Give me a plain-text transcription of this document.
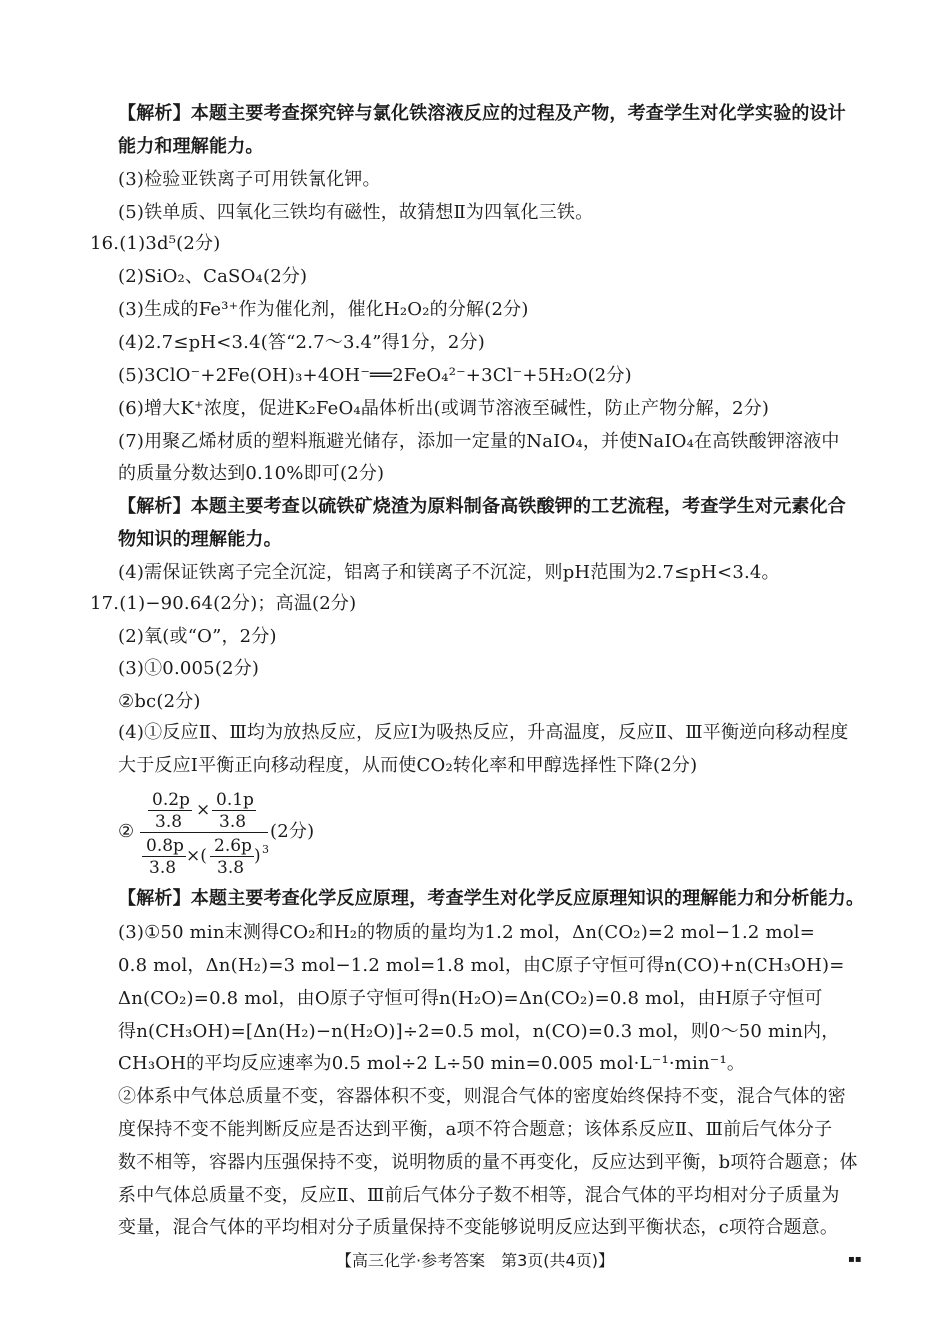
【解析】本题主要考查探究锌与氯化铁溶液反应的过程及产物，考查学生对化学实验的设计
能力和理解能力。
(3)检验亚铁离子可用铁氰化钾。
(5)铁单质、四氧化三铁均有磁性，故猜想Ⅱ为四氧化三铁。
16.(1)3d⁵(2分)
(2)SiO₂、CaSO₄(2分)
(3)生成的Fe³⁺作为催化剂，催化H₂O₂的分解(2分)
(4)2.7≤pH<3.4(答“2.7～3.4”得1分，2分)
(5)3ClO⁻+2Fe(OH)₃+4OH⁻══2FeO₄²⁻+3Cl⁻+5H₂O(2分)
(6)增大K⁺浓度，促进K₂FeO₄晶体析出(或调节溶液至碱性，防止产物分解，2分)
(7)用聚乙烯材质的塑料瓶避光储存，添加一定量的NaIO₄，并使NaIO₄在高铁酸钾溶液中
的质量分数达到0.10%即可(2分)
【解析】本题主要考查以硫铁矿烧渣为原料制备高铁酸钾的工艺流程，考查学生对元素化合
物知识的理解能力。
(4)需保证铁离子完全沉淀，铝离子和镁离子不沉淀，则pH范围为2.7≤pH<3.4。
17.(1)−90.64(2分)；高温(2分)
(2)氧(或“O”，2分)
(3)①0.005(2分)
②bc(2分)
(4)①反应Ⅱ、Ⅲ均为放热反应，反应Ⅰ为吸热反应，升高温度，反应Ⅱ、Ⅲ平衡逆向移动程度
大于反应Ⅰ平衡正向移动程度，从而使CO₂转化率和甲醇选择性下降(2分)
【解析】本题主要考查化学反应原理，考查学生对化学反应原理知识的理解能力和分析能力。
(3)①50 min末测得CO₂和H₂的物质的量均为1.2 mol，Δn(CO₂)=2 mol−1.2 mol=
0.8 mol，Δn(H₂)=3 mol−1.2 mol=1.8 mol，由C原子守恒可得n(CO)+n(CH₃OH)=
Δn(CO₂)=0.8 mol，由O原子守恒可得n(H₂O)=Δn(CO₂)=0.8 mol，由H原子守恒可
得n(CH₃OH)=[Δn(H₂)−n(H₂O)]÷2=0.5 mol，n(CO)=0.3 mol，则0～50 min内，
CH₃OH的平均反应速率为0.5 mol÷2 L÷50 min=0.005 mol·L⁻¹·min⁻¹。
②体系中气体总质量不变，容器体积不变，则混合气体的密度始终保持不变，混合气体的密
度保持不变不能判断反应是否达到平衡，a项不符合题意；该体系反应Ⅱ、Ⅲ前后气体分子
数不相等，容器内压强保持不变，说明物质的量不再变化，反应达到平衡，b项符合题意；体
系中气体总质量不变，反应Ⅱ、Ⅲ前后气体分子数不相等，混合气体的平均相对分子质量为
变量，混合气体的平均相对分子质量保持不变能够说明反应达到平衡状态，c项符合题意。
②
0.2p
3.8
× 0.1p
3.8
0.8p
3.8
×( 2.6p
3.8
) 3
(2分)
【高三化学·参考答案　第3页(共4页)】	▪▪
